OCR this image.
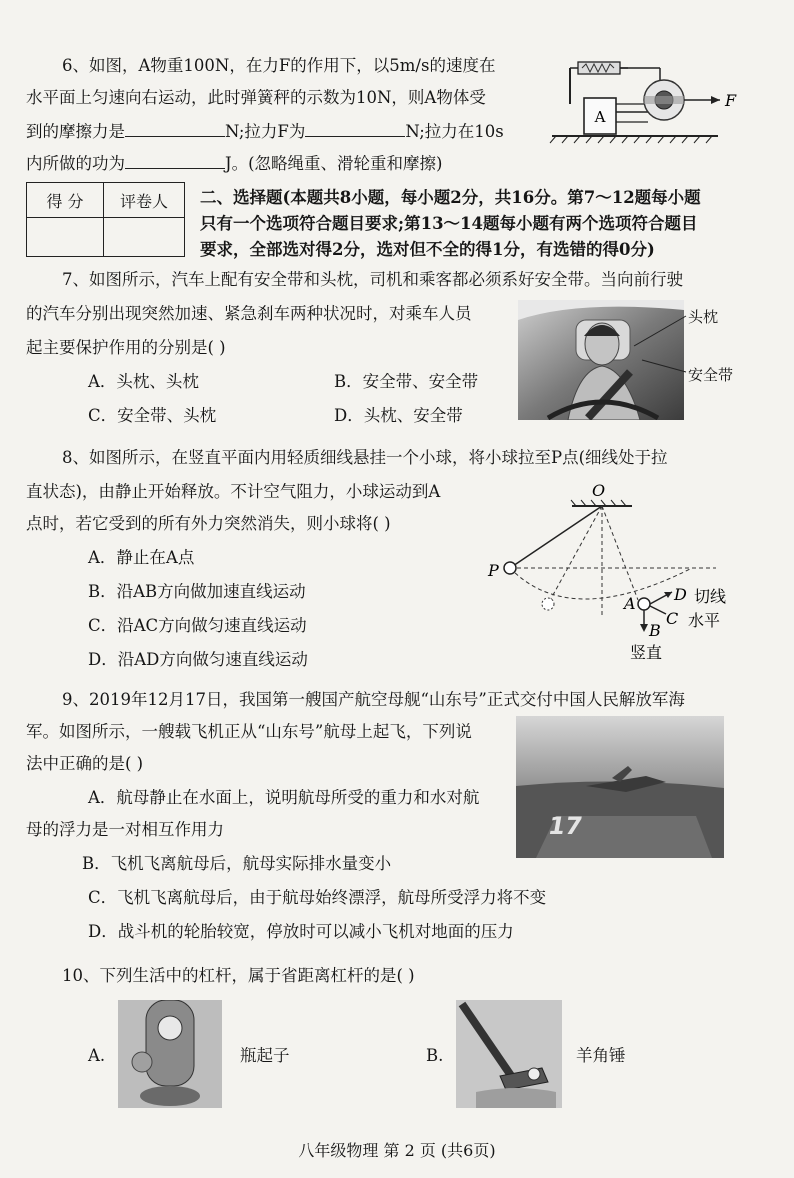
6、如图，A物重100N，在力F的作用下，以5m/s的速度在
水平面上匀速向右运动，此时弹簧秤的示数为10N，则A物体受
到的摩擦力是	N;拉力F为	N;拉力在10s
内所做的功为	J。(忽略绳重、滑轮重和摩擦)
A
F
得 分	评卷人
	二、选择题(本题共8小题，每小题2分，共16分。第7～12题每小题
只有一个选项符合题目要求;第13～14题每小题有两个选项符合题目
要求，全部选对得2分，选对但不全的得1分，有选错的得0分)
7、如图所示，汽车上配有安全带和头枕，司机和乘客都必须系好安全带。当向前行驶
的汽车分别出现突然加速、紧急刹车两种状况时，对乘车人员
起主要保护作用的分别是( )
A．头枕、头枕	B．安全带、安全带
C．安全带、头枕	D．头枕、安全带
头枕
安全带
8、如图所示，在竖直平面内用轻质细线悬挂一个小球，将小球拉至P点(细线处于拉
直状态)，由静止开始释放。不计空气阻力，小球运动到A
点时，若它受到的所有外力突然消失，则小球将( )
A．静止在A点
B．沿AB方向做加速直线运动
C．沿AC方向做匀速直线运动
D．沿AD方向做匀速直线运动
O
P
A D 切线
C 水平
B
竖直
9、2019年12月17日，我国第一艘国产航空母舰“山东号”正式交付中国人民解放军海
军。如图所示，一艘载飞机正从“山东号”航母上起飞，下列说
法中正确的是( )
A．航母静止在水面上，说明航母所受的重力和水对航
母的浮力是一对相互作用力
B．飞机飞离航母后，航母实际排水量变小
C．飞机飞离航母后，由于航母始终漂浮，航母所受浮力将不变
D．战斗机的轮胎较宽，停放时可以减小飞机对地面的压力
17
10、下列生活中的杠杆，属于省距离杠杆的是( )
A.	瓶起子	B.	羊角锤
八年级物理 第 2 页 (共6页)
